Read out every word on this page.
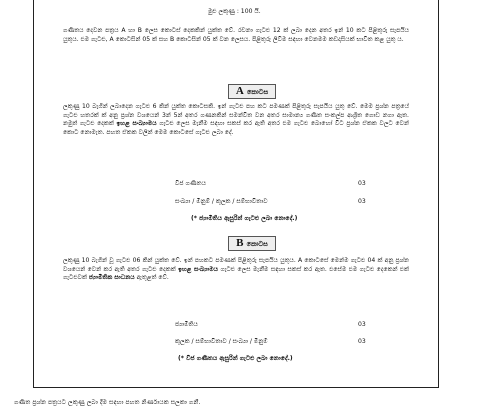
මුළු ලකුණු : 100 යි.
ගණිතය දෙවන පත්‍රය A හා B ලෙස කොටස් දෙකකින් යුක්ත වේ. රචනා ගැටළු 12 ක් ලබා දෙන අතර ඉන් 10 කට පිළිතුරු සැපයිය යුතුය. එම ගැටළු, A කොටසින් 05 ක් සහ B කොටසින් 05 ක් වන ලෙසය. පිළිතුරු ලිවීම සඳහා වෙනමම කඩදාසියක් භාවිත කළ යුතු ය.
A කොටස
ලකුණු 10 බැගින් ලබාදෙන ගැටළු 6 කින් යුක්ත කොටසකි. ඉන් ගැටළු පහ කට පමණක් පිළිතුරු සැපයිය යුතු වේ. මෙම ප්‍රශ්න පත්‍රයේ ගැටළු හතරක් ක් අනු ප්‍රශ්න වශයෙන් 3න් 5න් අතර ගණනකින් සමන්විත වන අතර සාමාන්‍ය ගණිත සංකල්ප ආශ්‍රිත ගොඩ නගා ඇත. නමුත් ගැටළු දෙකක් ඉහළ සංඛ්‍යාමය ගැටළු ලෙස මැනීම සඳහා සකස් කර ඇති අතර එම ගැටළු බොහෝ විට ප්‍රශ්න ඒකක වලට වෙන් කොට නොමැත. පහත ඒකක වලින් මෙම කොටසේ ගැටළු ලබා දේ.
වීජ ගණිතය	03
සංඛ්‍යා / මිනුම් / කුලක / සම්භාවිතාව	03
(* ජ්‍යාමිතිය ඇසුරින් ගැටළු ලබා නොදේ.)
B කොටස
ලකුණු 10 බැගින් වූ ගැටළු 06 කින් යුක්ත වේ. ඉන් පහකට පමණක් පිළිතුරු සැපයිය යුතුය. A කොටසේ මෙන්ම ගැටළු 04 ක් අනු ප්‍රශ්න වශයෙන් වෙන් කර ඇති අතර ගැටළු දෙකක් ඉහළ සංඛ්‍යාමය ගැටළු ලෙස මැනීම සඳහා සකස් කර ඇත. එසේම එම ගැටළු දෙකෙන් එක් ගැටළුවක් ජ්‍යාමිතික සාධනය ඇතුළත් වේ.
ජ්‍යාමිතිය	03
කුලක / සම්භාවිතාව / සංඛ්‍යා / මිනුම්	03
(* වීජ ගණිතය ඇසුරින් ගැටළු ලබා නොදේ.)
ගණිත ප්‍රශ්න පත්‍රයට ලකුණු ලබා දීම සඳහා පහත නිර්ණායක සලකා ගනී.
